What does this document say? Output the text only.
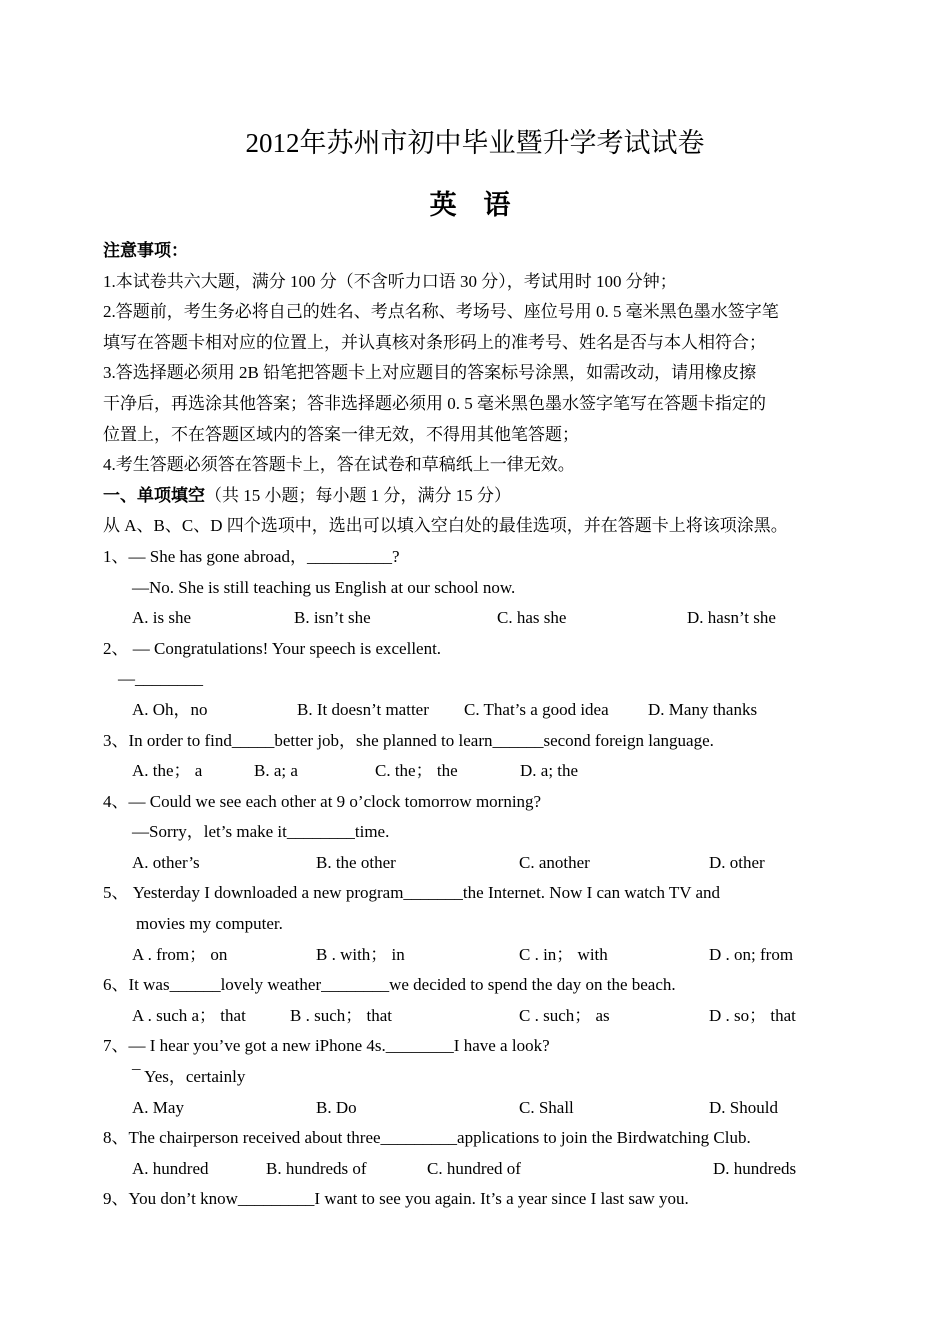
2012年苏州市初中毕业暨升学考试试卷
英 语
注意事项：
1.本试卷共六大题，满分 100 分（不含听力口语 30 分），考试用时 100 分钟；
2.答题前，考生务必将自己的姓名、考点名称、考场号、座位号用 0. 5 毫米黑色墨水签字笔
填写在答题卡相对应的位置上，并认真核对条形码上的准考号、姓名是否与本人相符合；
3.答选择题必须用 2B 铅笔把答题卡上对应题目的答案标号涂黑，如需改动，请用橡皮擦
干净后，再选涂其他答案；答非选择题必须用 0. 5 毫米黑色墨水签字笔写在答题卡指定的
位置上，不在答题区域内的答案一律无效，不得用其他笔答题；
4.考生答题必须答在答题卡上，答在试卷和草稿纸上一律无效。
一、单项填空（共 15 小题；每小题 1 分，满分 15 分）
从 A、B、C、D 四个选项中，选出可以填入空白处的最佳选项，并在答题卡上将该项涂黑。
1、— She has gone abroad，__________?
—No. She is still teaching us English at our school now.
A. is she	B. isn’t she	C. has she	D. hasn’t she
2、 — Congratulations! Your speech is excellent.
—________
A. Oh，no	B. It doesn’t matter C. That’s a good idea D. Many thanks
3、In order to find_____better job，she planned to learn______second foreign language.
A. the； a	B. a; a	C. the； the	D. a; the
4、— Could we see each other at 9 o’clock tomorrow morning?
—Sorry，let’s make it________time.
A. other’s	B. the other	C. another	D. other
5、 Yesterday I downloaded a new program_______the Internet. Now I can watch TV and
movies my computer.
A . from； on	B . with； in	C . in； with	D . on; from
6、It was______lovely weather________we decided to spend the day on the beach.
A . such a； that	B . such； that	C . such； as	D . so； that
7、— I hear you’ve got a new iPhone 4s.________I have a look?
¯ Yes，certainly
A. May	B. Do	C. Shall	D. Should
8、The chairperson received about three_________applications to join the Birdwatching Club.
A. hundred	B. hundreds of	C. hundred of	D. hundreds
9、You don’t know_________I want to see you again. It’s a year since I last saw you.
